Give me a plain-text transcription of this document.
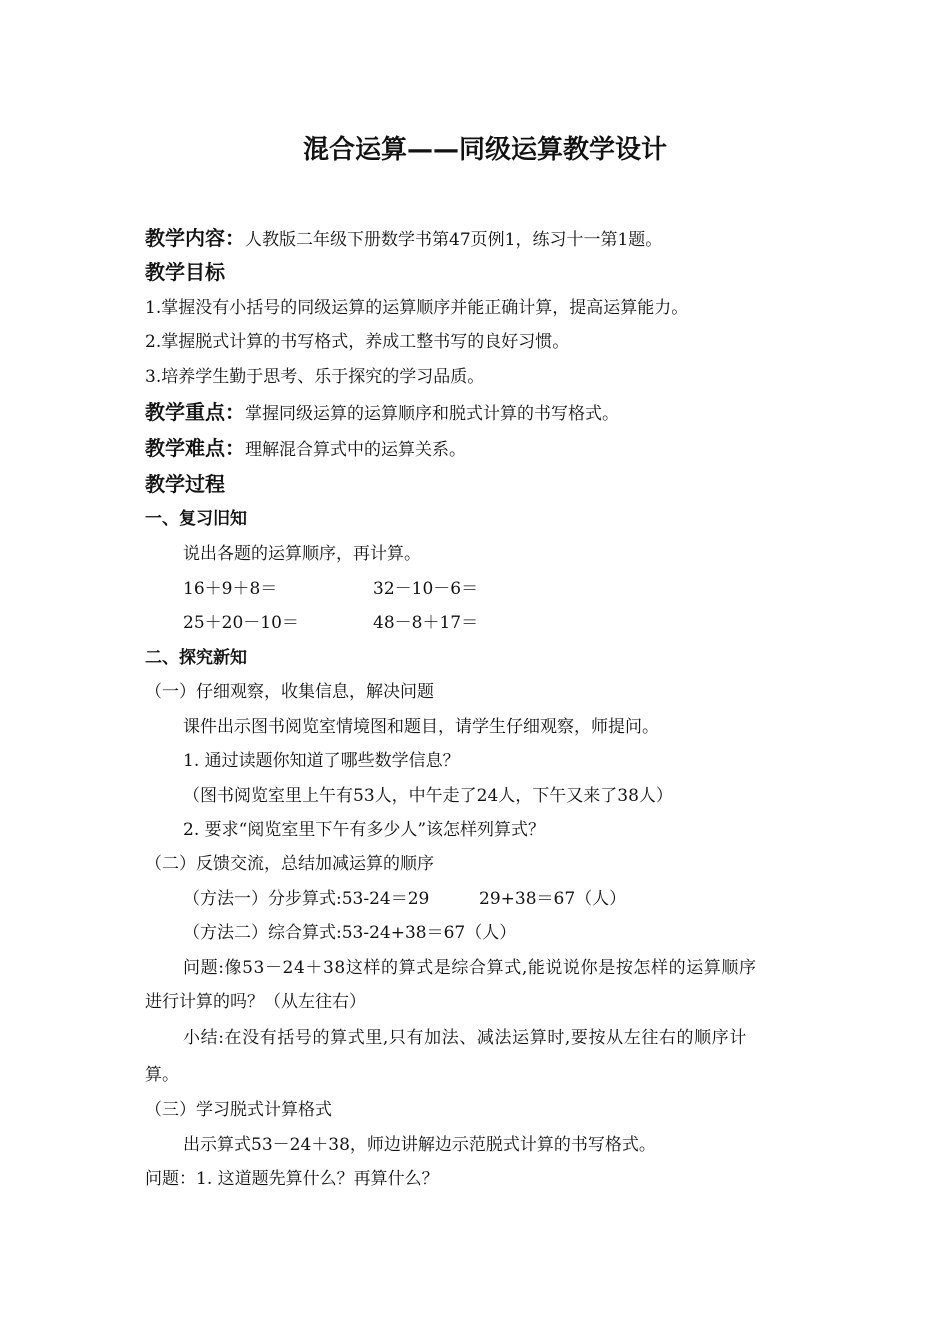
混合运算——同级运算教学设计
教学内容：人教版二年级下册数学书第47页例1，练习十一第1题。
教学目标
1.掌握没有小括号的同级运算的运算顺序并能正确计算，提高运算能力。
2.掌握脱式计算的书写格式，养成工整书写的良好习惯。
3.培养学生勤于思考、乐于探究的学习品质。
教学重点：掌握同级运算的运算顺序和脱式计算的书写格式。
教学难点：理解混合算式中的运算关系。
教学过程
一、复习旧知
说出各题的运算顺序，再计算。
16＋9＋8＝	32－10－6＝
25＋20－10＝	48－8＋17＝
二、探究新知
（一）仔细观察，收集信息，解决问题
课件出示图书阅览室情境图和题目，请学生仔细观察，师提问。
1. 通过读题你知道了哪些数学信息？
（图书阅览室里上午有53人，中午走了24人，下午又来了38人）
2. 要求“阅览室里下午有多少人”该怎样列算式？
（二）反馈交流，总结加减运算的顺序
（方法一）分步算式:53-24＝29	29+38＝67（人）
（方法二）综合算式:53-24+38＝67（人）
问题:像53－24＋38这样的算式是综合算式,能说说你是按怎样的运算顺序
进行计算的吗？（从左往右）
小结:在没有括号的算式里,只有加法、减法运算时,要按从左往右的顺序计
算。
（三）学习脱式计算格式
出示算式53－24＋38，师边讲解边示范脱式计算的书写格式。
问题：1. 这道题先算什么？再算什么？
